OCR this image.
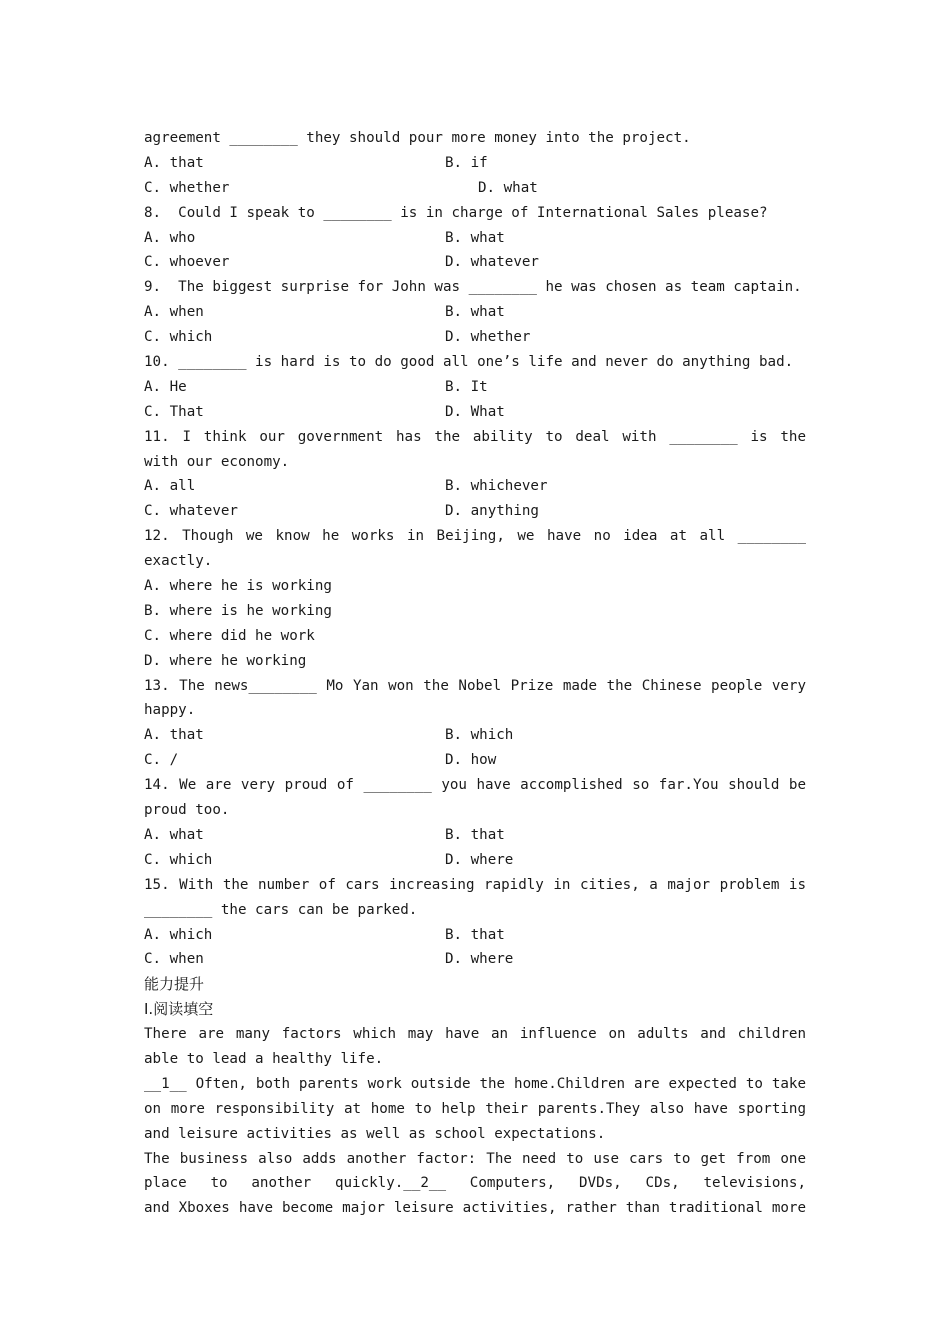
agreement ________ they should pour more money into the project.

A. that

	B. if

C. whether

	D. what

8.  Could I speak to ________ is in charge of International Sales please?

A. who

	B. what

C. whoever

	D. whatever

9.  The biggest surprise for John was ________ he was chosen as team captain.

A. when

	B. what

C. which

	D. whether

10. ________ is hard is to do good all one’s life and never do anything bad.

A. He

	B. It

C. That

	D. What

11. I think our government has the ability to deal with ________ is the
with our economy.

A. all

	B. whichever

C. whatever

	D. anything

12. Though we know he works in Beijing, we have no idea at all ________
exactly.
A. where he is working
B. where is he working
C. where did he work
D. where he working
13. The news________ Mo Yan won the Nobel Prize made the Chinese people very
happy.

A. that

	B. which

C. /

	D. how

14. We are very proud of ________ you have accomplished so far.You should be
proud too.

A. what

	B. that

C. which

	D. where

15. With the number of cars increasing rapidly in cities, a major problem is
________ the cars can be parked.

A. which

	B. that

C. when

	D. where

能力提升
I.阅读填空
There are many factors which may have an influence on adults and children
able to lead a healthy life.
__1__ Often, both parents work outside the home.Children are expected to take
on more responsibility at home to help their parents.They also have sporting
and leisure activities as well as school expectations.
The business also adds another factor: The need to use cars to get from one
place to another quickly.__2__ Computers, DVDs, CDs, televisions,
and Xboxes have become major leisure activities, rather than traditional more
